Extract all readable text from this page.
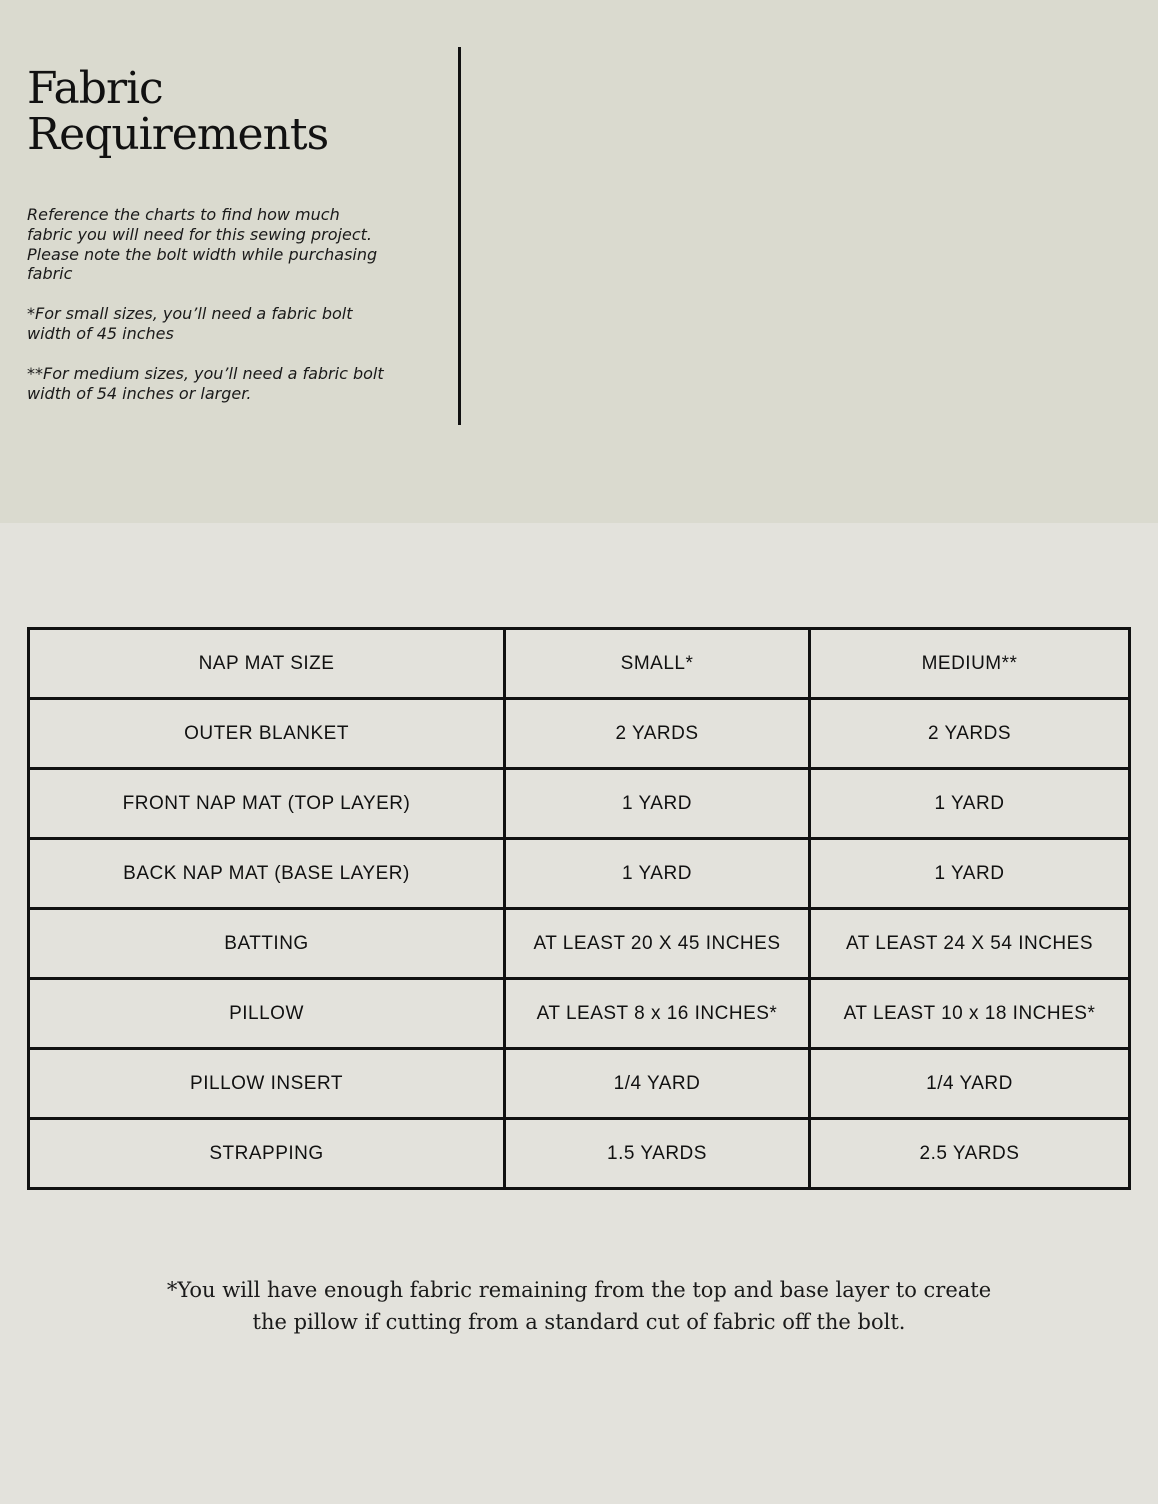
Fabric
Requirements

Reference the charts to find how much fabric you will need for this sewing project. Please note the bolt width while purchasing fabric

*For small sizes, you’ll need a fabric bolt width of 45 inches

**For medium sizes, you’ll need a fabric bolt width of 54 inches or larger.

NAP MAT SIZE	SMALL*	MEDIUM**
OUTER BLANKET	2 YARDS	2 YARDS
FRONT NAP MAT (TOP LAYER)	1 YARD	1 YARD
BACK NAP MAT (BASE LAYER)	1 YARD	1 YARD
BATTING	AT LEAST 20 X 45 INCHES	AT LEAST 24 X 54 INCHES
PILLOW	AT LEAST 8 x 16 INCHES*	AT LEAST 10 x 18 INCHES*
PILLOW INSERT	1/4 YARD	1/4 YARD
STRAPPING	1.5 YARDS	2.5 YARDS
*You will have enough fabric remaining from the top and base layer to create
the pillow if cutting from a standard cut of fabric off the bolt.
